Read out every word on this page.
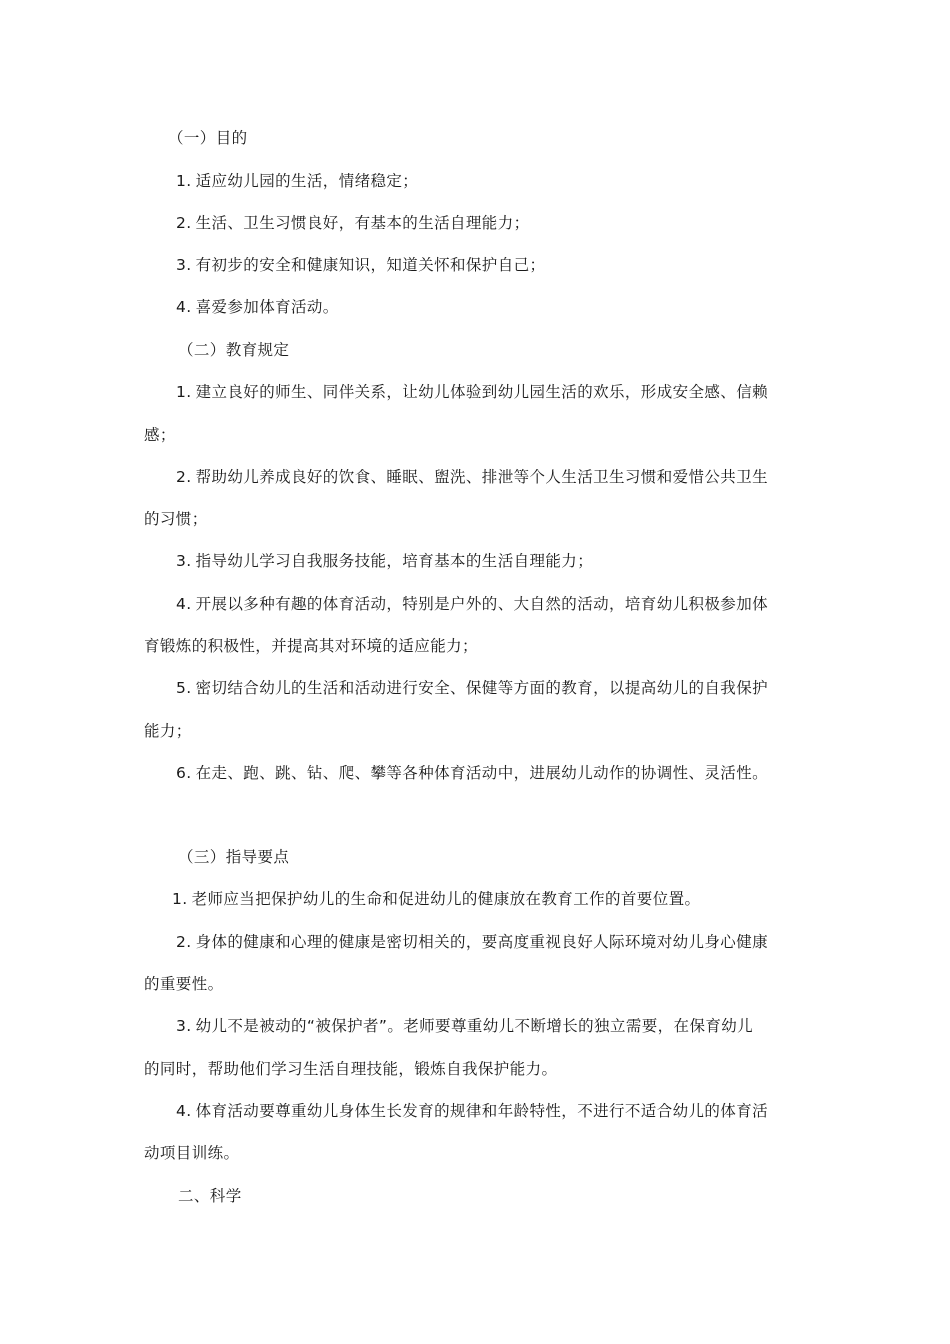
（一）目的
1. 适应幼儿园的生活，情绪稳定；
2. 生活、卫生习惯良好，有基本的生活自理能力；
3. 有初步的安全和健康知识，知道关怀和保护自己；
4. 喜爱参加体育活动。
（二）教育规定
1. 建立良好的师生、同伴关系，让幼儿体验到幼儿园生活的欢乐，形成安全感、信赖
感；
2. 帮助幼儿养成良好的饮食、睡眠、盥洗、排泄等个人生活卫生习惯和爱惜公共卫生
的习惯；
3. 指导幼儿学习自我服务技能，培育基本的生活自理能力；
4. 开展以多种有趣的体育活动，特别是户外的、大自然的活动，培育幼儿积极参加体
育锻炼的积极性，并提高其对环境的适应能力；
5. 密切结合幼儿的生活和活动进行安全、保健等方面的教育，以提高幼儿的自我保护
能力；
6. 在走、跑、跳、钻、爬、攀等各种体育活动中，进展幼儿动作的协调性、灵活性。
（三）指导要点
1. 老师应当把保护幼儿的生命和促进幼儿的健康放在教育工作的首要位置。
2. 身体的健康和心理的健康是密切相关的，要高度重视良好人际环境对幼儿身心健康
的重要性。
3. 幼儿不是被动的“被保护者”。老师要尊重幼儿不断增长的独立需要，在保育幼儿
的同时，帮助他们学习生活自理技能，锻炼自我保护能力。
4. 体育活动要尊重幼儿身体生长发育的规律和年龄特性，不进行不适合幼儿的体育活
动项目训练。
二、科学
